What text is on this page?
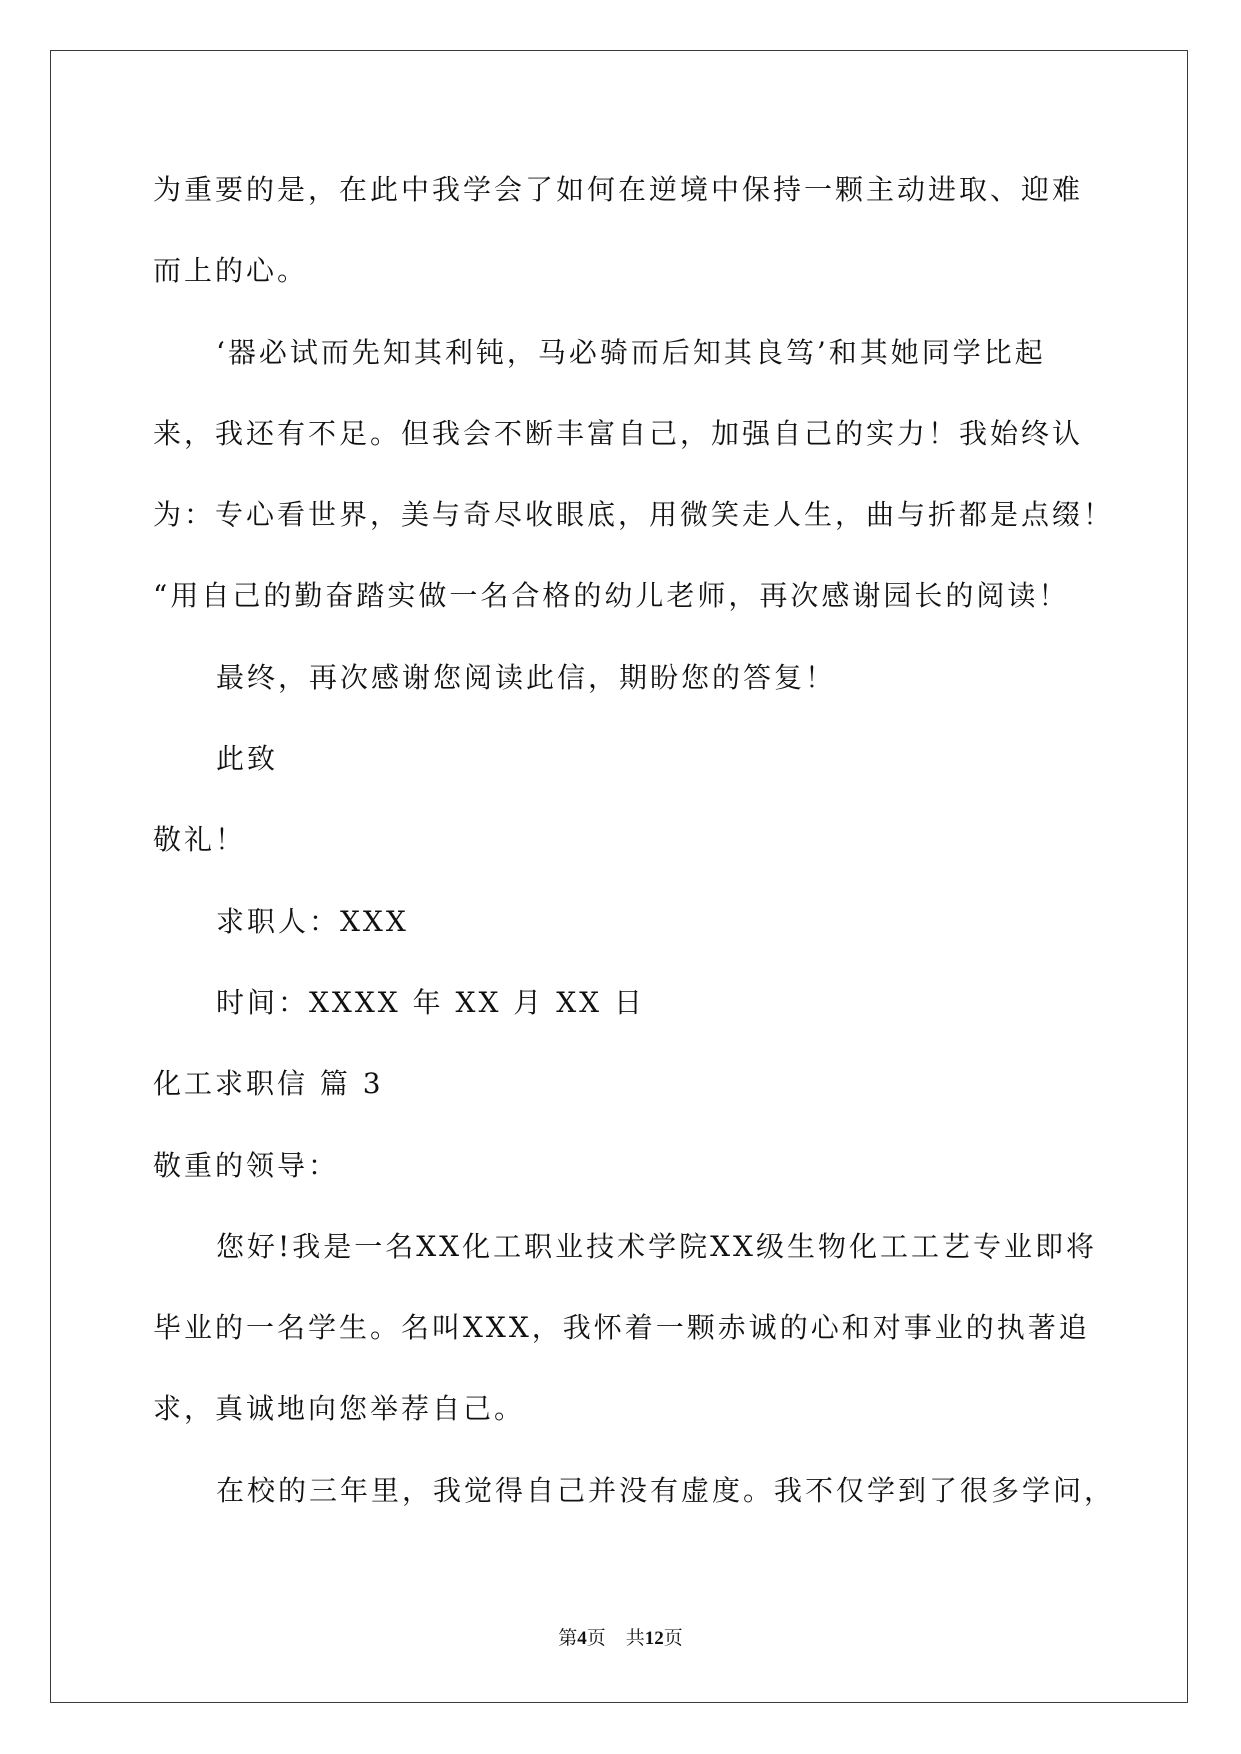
为重要的是，在此中我学会了如何在逆境中保持一颗主动进取、迎难
而上的心。
‘器必试而先知其利钝，马必骑而后知其良笃’和其她同学比起
来，我还有不足。但我会不断丰富自己，加强自己的实力！我始终认
为：专心看世界，美与奇尽收眼底，用微笑走人生，曲与折都是点缀！
“用自己的勤奋踏实做一名合格的幼儿老师，再次感谢园长的阅读！
最终，再次感谢您阅读此信，期盼您的答复！
此致
敬礼！
求职人：XXX
时间：XXXX 年 XX 月 XX 日
化工求职信 篇 3
敬重的领导：
您好!我是一名XX化工职业技术学院XX级生物化工工艺专业即将
毕业的一名学生。名叫XXX，我怀着一颗赤诚的心和对事业的执著追
求，真诚地向您举荐自己。
在校的三年里，我觉得自己并没有虚度。我不仅学到了很多学问，
第4页 共12页
